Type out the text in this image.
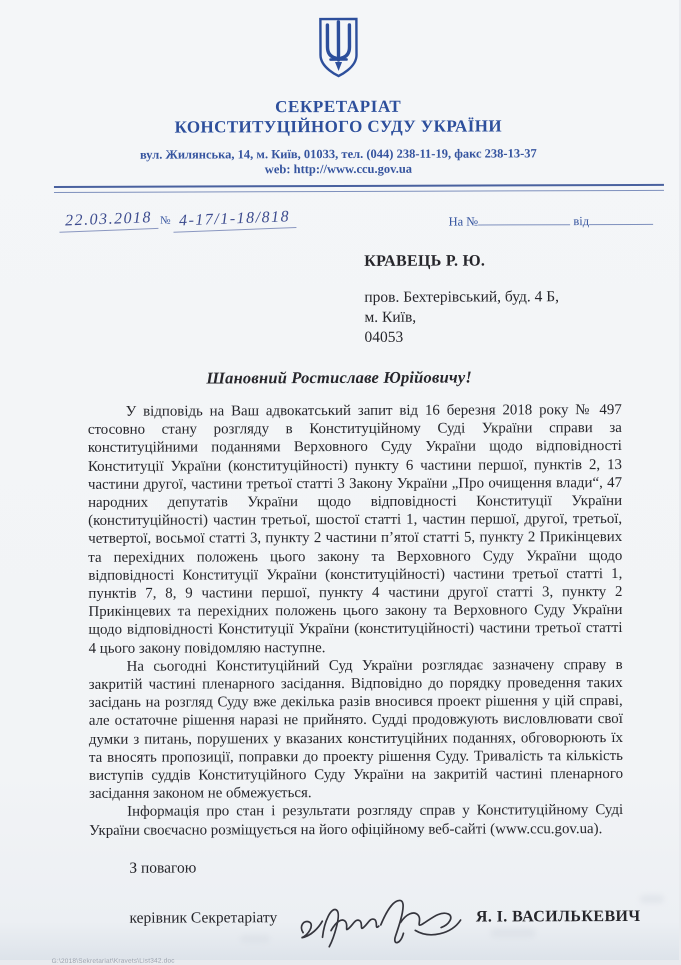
СЕКРЕТАРІАТ
КОНСТИТУЦІЙНОГО СУДУ УКРАЇНИ
вул. Жилянська, 14, м. Київ, 01033, тел. (044) 238-11-19, факс 238-13-37
web: http://www.ccu.gov.ua
22.03.2018 № 4-17/1-18/818	На №	від
КРАВЕЦЬ Р. Ю.
пров. Бехтерівський, буд. 4 Б,
м. Київ,
04053
Шановний Ростиславе Юрійовичу!

У відповідь на Ваш адвокатський запит від 16 березня 2018 року № 497 стосовно стану розгляду в Конституційному Суді України справи за конституційними поданнями Верховного Суду України щодо відповідності Конституції України (конституційності) пункту 6 частини першої, пунктів 2, 13 частини другої, частини третьої статті 3 Закону України „Про очищення влади“, 47 народних депутатів України щодо відповідності Конституції України (конституційності) частин третьої, шостої статті 1, частин першої, другої, третьої, четвертої, восьмої статті 3, пункту 2 частини п’ятої статті 5, пункту 2 Прикінцевих та перехідних положень цього закону та Верховного Суду України щодо відповідності Конституції України (конституційності) частини третьої статті 1, пунктів 7, 8, 9 частини першої, пункту 4 частини другої статті 3, пункту 2 Прикінцевих та перехідних положень цього закону та Верховного Суду України щодо відповідності Конституції України (конституційності) частини третьої статті 4 цього закону повідомляю наступне.

На сьогодні Конституційний Суд України розглядає зазначену справу в закритій частині пленарного засідання. Відповідно до порядку проведення таких засідань на розгляд Суду вже декілька разів вносився проект рішення у цій справі, але остаточне рішення наразі не прийнято. Судді продовжують висловлювати свої думки з питань, порушених у вказаних конституційних поданнях, обговорюють їх та вносять пропозиції, поправки до проекту рішення Суду. Тривалість та кількість виступів суддів Конституційного Суду України на закритій частині пленарного засідання законом не обмежується.

Інформація про стан і результати розгляду справ у Конституційному Суді України своєчасно розміщується на його офіційному веб-сайті (www.ccu.gov.ua).

З повагою
керівник Секретаріату	Я. І. ВАСИЛЬКЕВИЧ
G:\2018\Sekretariat\Kravets\List342.doc
